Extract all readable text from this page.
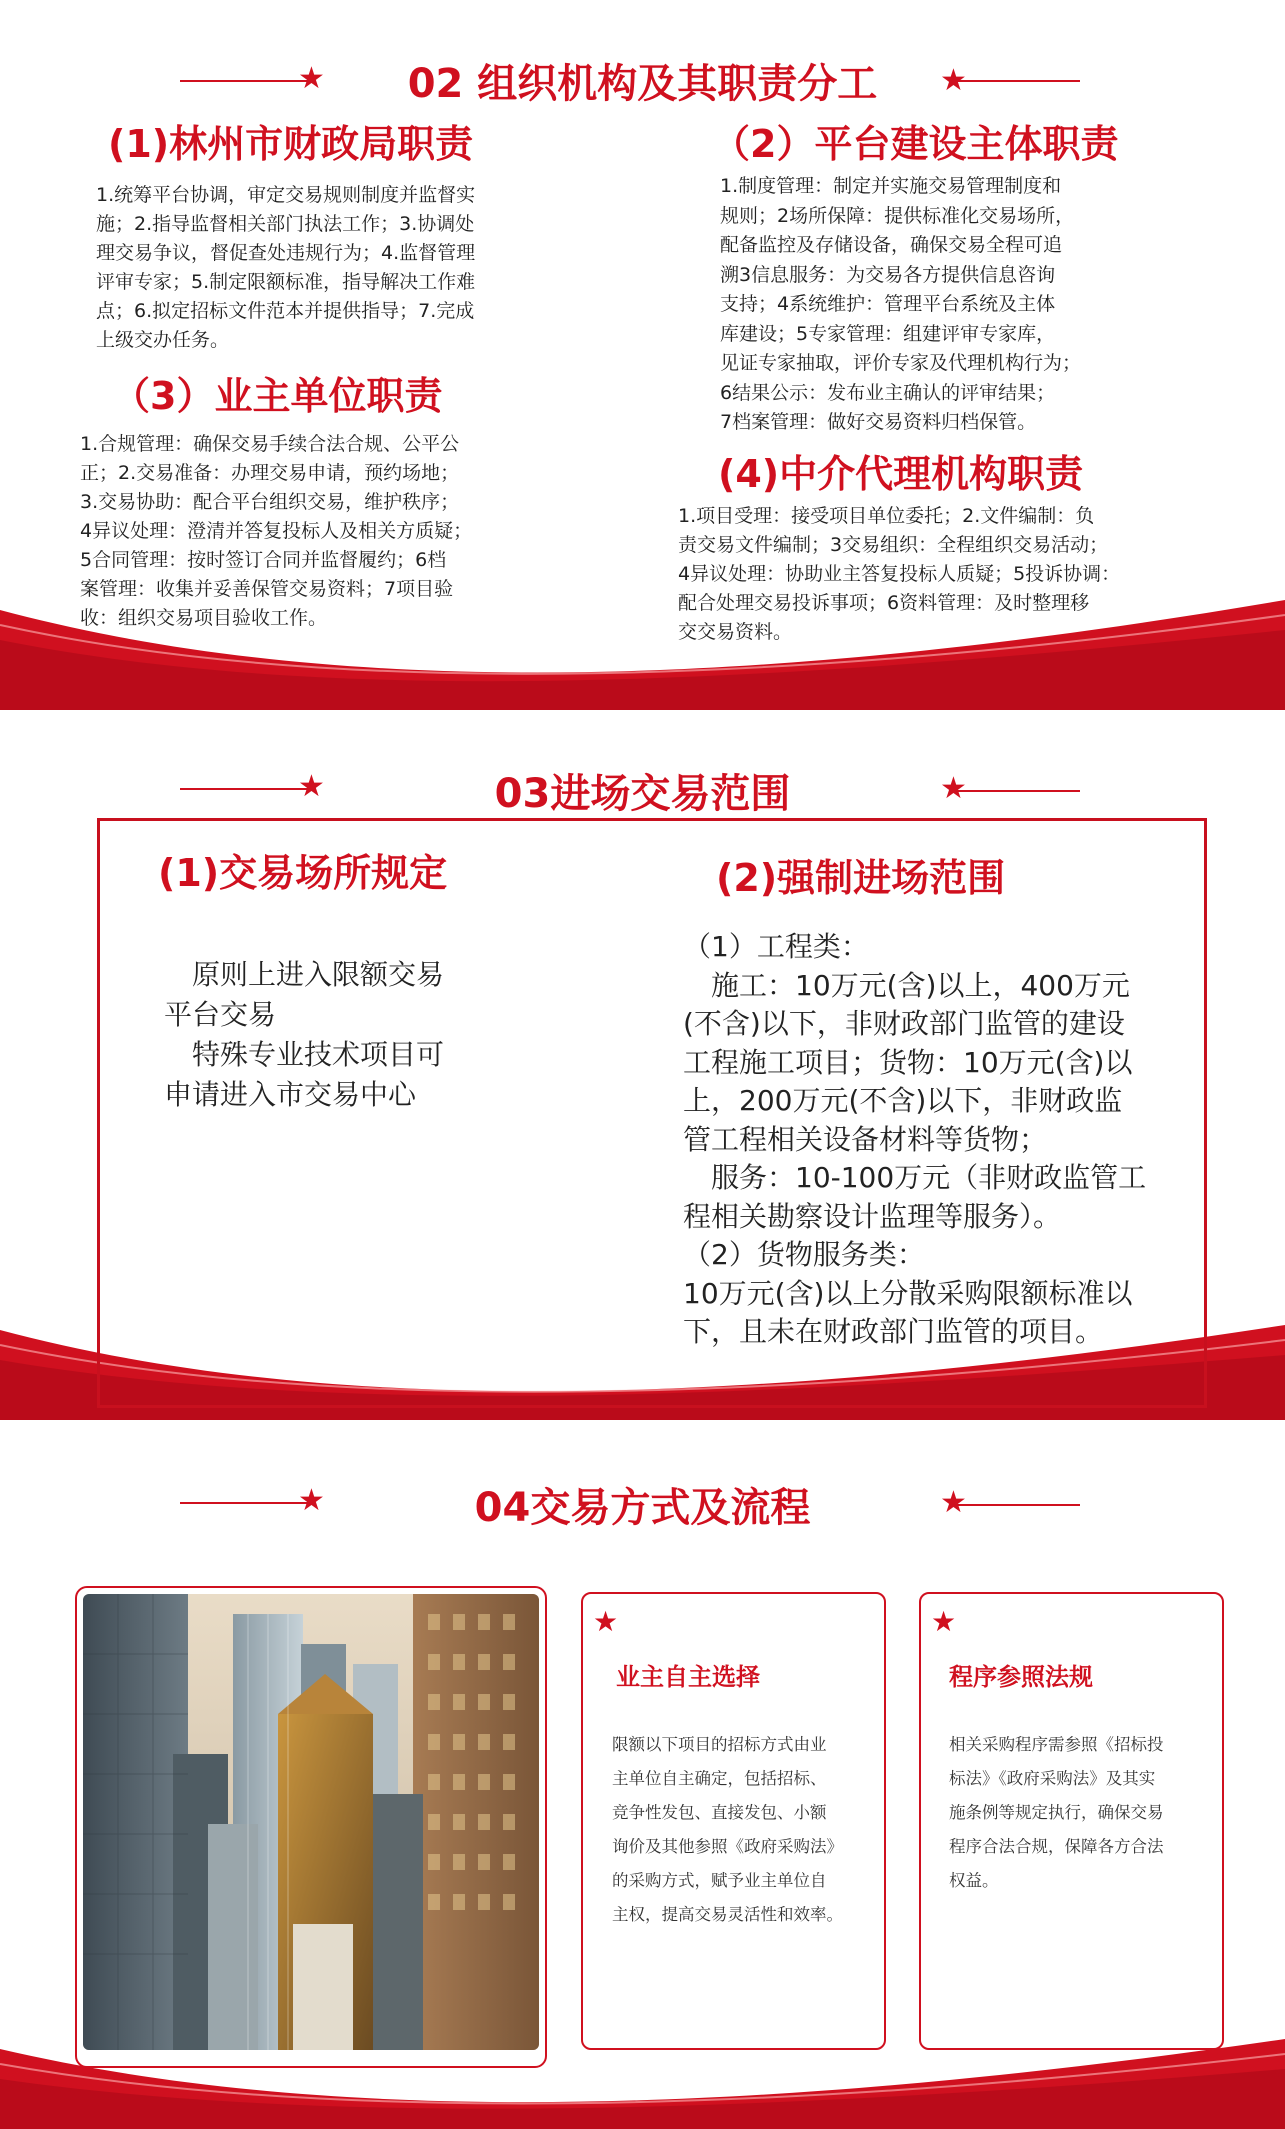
★	★
02 组织机构及其职责分工
(1)林州市财政局职责
1.统筹平台协调，审定交易规则制度并监督实
施；2.指导监督相关部门执法工作；3.协调处
理交易争议，督促查处违规行为；4.监督管理
评审专家；5.制定限额标准，指导解决工作难
点；6.拟定招标文件范本并提供指导；7.完成
上级交办任务。
（2）平台建设主体职责
1.制度管理：制定并实施交易管理制度和
规则；2场所保障：提供标准化交易场所，
配备监控及存储设备，确保交易全程可追
溯3信息服务：为交易各方提供信息咨询
支持；4系统维护：管理平台系统及主体
库建设；5专家管理：组建评审专家库，
见证专家抽取，评价专家及代理机构行为；
6结果公示：发布业主确认的评审结果；
7档案管理：做好交易资料归档保管。
（3）业主单位职责
1.合规管理：确保交易手续合法合规、公平公
正；2.交易准备：办理交易申请，预约场地；
3.交易协助：配合平台组织交易，维护秩序；
4异议处理：澄清并答复投标人及相关方质疑；
5合同管理：按时签订合同并监督履约；6档
案管理：收集并妥善保管交易资料；7项目验
收：组织交易项目验收工作。
(4)中介代理机构职责
1.项目受理：接受项目单位委托；2.文件编制：负
责交易文件编制；3交易组织：全程组织交易活动；
4异议处理：协助业主答复投标人质疑；5投诉协调：
配合处理交易投诉事项；6资料管理：及时整理移
交交易资料。
★	★
03进场交易范围
(1)交易场所规定
　原则上进入限额交易
平台交易
　特殊专业技术项目可
申请进入市交易中心
(2)强制进场范围
（1）工程类：
　施工：10万元(含)以上，400万元
(不含)以下，非财政部门监管的建设
工程施工项目；货物：10万元(含)以
上，200万元(不含)以下，非财政监
管工程相关设备材料等货物；
　服务：10-100万元（非财政监管工
程相关勘察设计监理等服务）。
（2）货物服务类：
10万元(含)以上分散采购限额标准以
下，且未在财政部门监管的项目。
★	★
04交易方式及流程
★
业主自主选择
限额以下项目的招标方式由业
主单位自主确定，包括招标、
竞争性发包、直接发包、小额
询价及其他参照《政府采购法》
的采购方式，赋予业主单位自
主权，提高交易灵活性和效率。
★
程序参照法规
相关采购程序需参照《招标投
标法》《政府采购法》及其实
施条例等规定执行，确保交易
程序合法合规，保障各方合法
权益。
